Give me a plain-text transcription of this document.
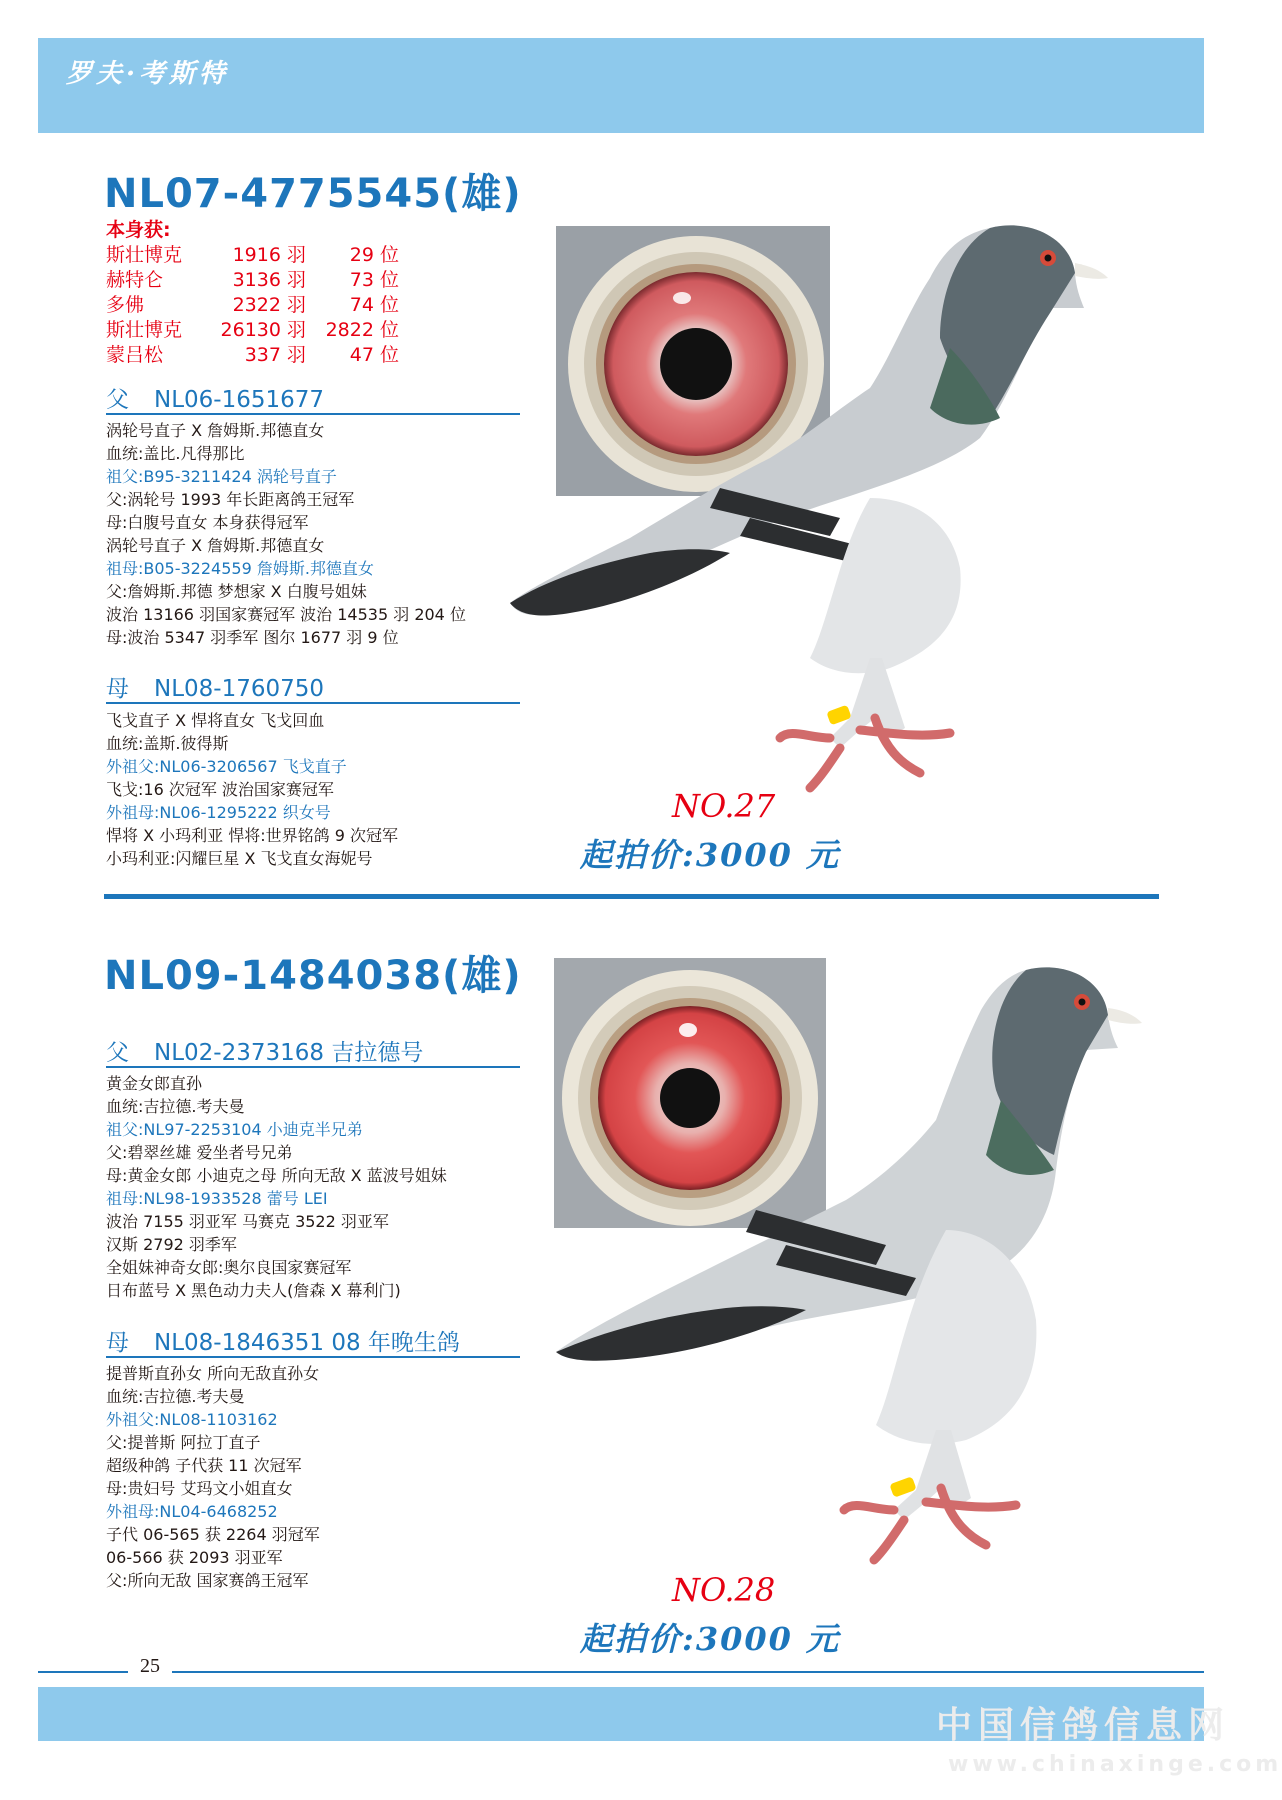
罗夫·考斯特
NL07-4775545(雄)
本身获:
斯壮博克	1916 羽	29 位
赫特仑	3136 羽	73 位
多佛	2322 羽	74 位
斯壮博克	26130 羽 2822 位
蒙吕松	337 羽	47 位
父 NL06-1651677
涡轮号直子 X 詹姆斯.邦德直女
血统:盖比.凡得那比
祖父:B95-3211424 涡轮号直子
父:涡轮号 1993 年长距离鸽王冠军
母:白腹号直女 本身获得冠军
涡轮号直子 X 詹姆斯.邦德直女
祖母:B05-3224559 詹姆斯.邦德直女
父:詹姆斯.邦德 梦想家 X 白腹号姐妹
波治 13166 羽国家赛冠军 波治 14535 羽 204 位
母:波治 5347 羽季军 图尔 1677 羽 9 位
母 NL08-1760750
飞戈直子 X 悍将直女 飞戈回血
血统:盖斯.彼得斯
外祖父:NL06-3206567 飞戈直子
飞戈:16 次冠军 波治国家赛冠军
外祖母:NL06-1295222 织女号
悍将 X 小玛利亚 悍将:世界铭鸽 9 次冠军
小玛利亚:闪耀巨星 X 飞戈直女海妮号
NO.27
起拍价:3000 元
NL09-1484038(雄)
父 NL02-2373168 吉拉德号
黄金女郎直孙
血统:吉拉德.考夫曼
祖父:NL97-2253104 小迪克半兄弟
父:碧翠丝雄 爱坐者号兄弟
母:黄金女郎 小迪克之母 所向无敌 X 蓝波号姐妹
祖母:NL98-1933528 蕾号 LEI
波治 7155 羽亚军 马赛克 3522 羽亚军
汉斯 2792 羽季军
全姐妹神奇女郎:奥尔良国家赛冠军
日布蓝号 X 黑色动力夫人(詹森 X 幕利门)
母 NL08-1846351 08 年晚生鸽
提普斯直孙女 所向无敌直孙女
血统:吉拉德.考夫曼
外祖父:NL08-1103162
父:提普斯 阿拉丁直子
超级种鸽 子代获 11 次冠军
母:贵妇号 艾玛文小姐直女
外祖母:NL04-6468252
子代 06-565 获 2264 羽冠军
06-566 获 2093 羽亚军
父:所向无敌 国家赛鸽王冠军	NO.28
起拍价:3000 元
25
中国信鸽信息网
www.chinaxinge.com
